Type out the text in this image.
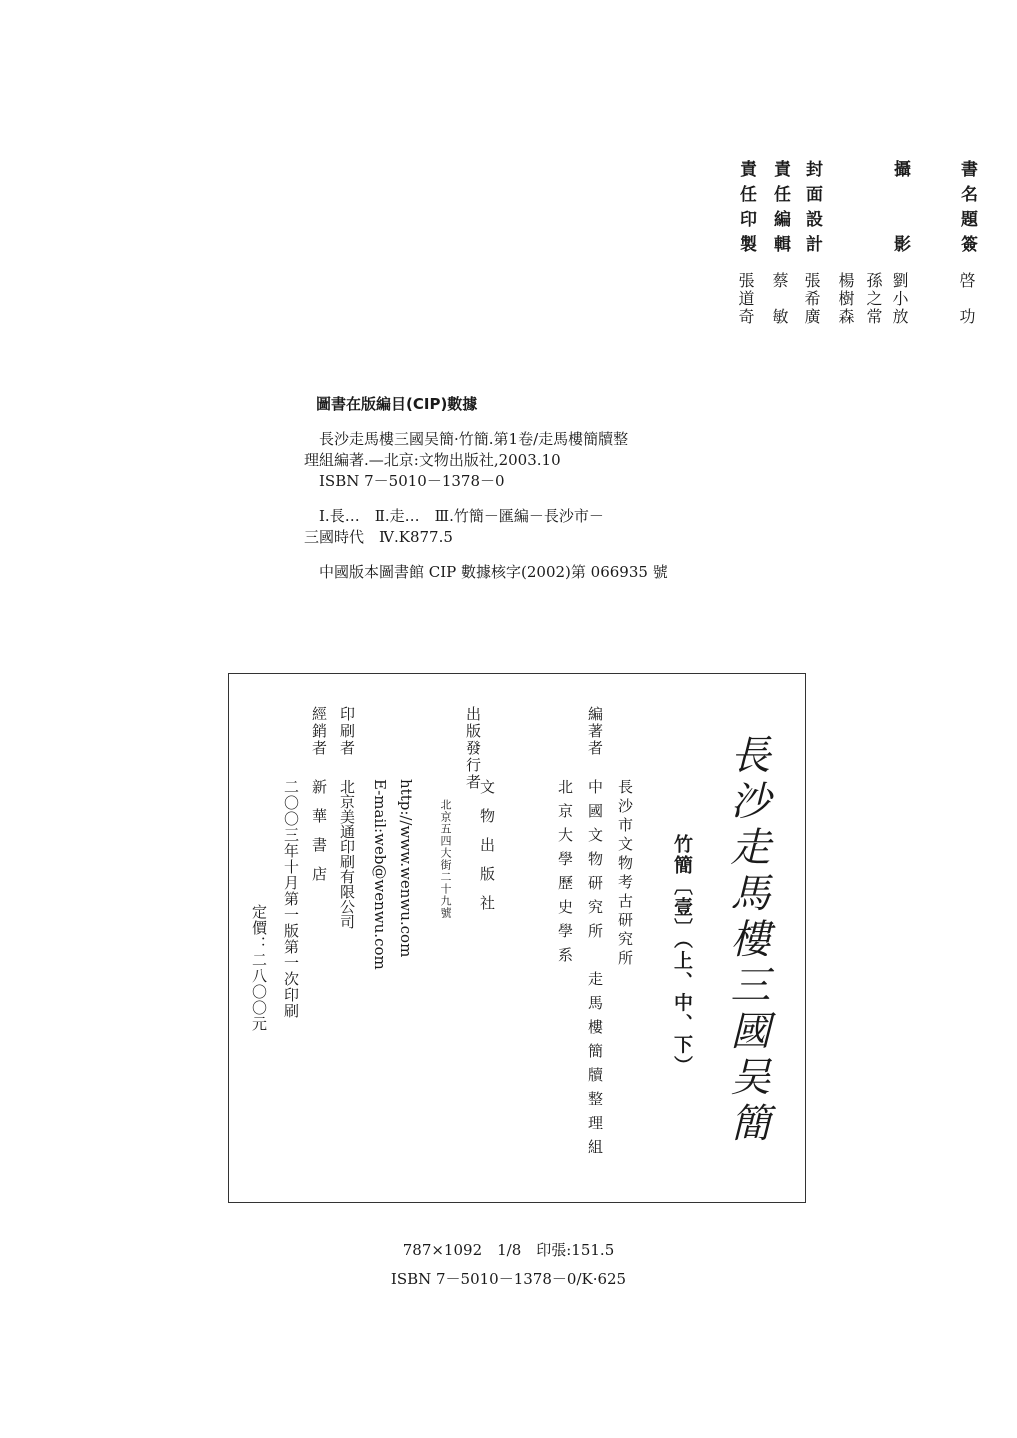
書名題簽
啓　功
攝　　影
劉小放
孫之常
楊樹森
封面設計
張希廣
責任編輯
蔡　敏
責任印製
張道奇

圖書在版編目(CIP)數據

長沙走馬樓三國吴簡·竹簡.第1卷/走馬樓簡牘整

理組編著.—北京:文物出版社,2003.10

ISBN 7－5010－1378－0

Ⅰ.長…　Ⅱ.走…　Ⅲ.竹簡－匯編－長沙市－

三國時代　Ⅳ.K877.5

中國版本圖書館 CIP 數據核字(2002)第 066935 號

長沙走馬樓三國吴簡
竹簡〔壹〕（上、中、下）
編著者
長沙市文物考古研究所
中國文物研究所　走馬樓簡牘整理組
北京大學歷史學系
出版發行者
文物出版社
北京五四大街二十九號
http://www.wenwu.com
E-mail:web@wenwu.com
印刷者
北京美通印刷有限公司
經銷者
新華書店
二〇〇三年十月第一版第一次印刷
定價：二八〇〇元

787×1092　1/8　印張:151.5

ISBN 7－5010－1378－0/K·625
